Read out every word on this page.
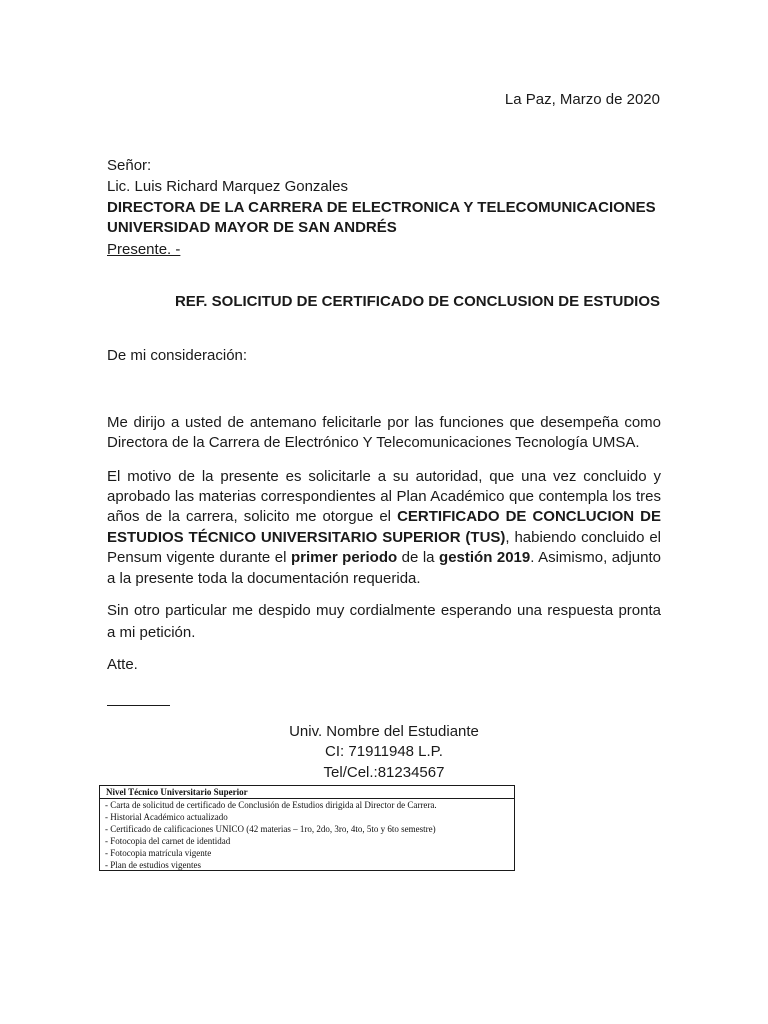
La Paz, Marzo de 2020
Señor:
Lic. Luis Richard Marquez Gonzales
DIRECTORA DE LA CARRERA DE ELECTRONICA Y TELECOMUNICACIONES
UNIVERSIDAD MAYOR DE SAN ANDRÉS
Presente. -
REF. SOLICITUD DE CERTIFICADO DE CONCLUSION DE ESTUDIOS
De mi consideración:
Me dirijo a usted de antemano felicitarle por las funciones que desempeña como
Directora de la Carrera de Electrónico Y Telecomunicaciones Tecnología UMSA.
El motivo de la presente es solicitarle a su autoridad, que una vez concluido y
aprobado las materias correspondientes al Plan Académico que contempla los tres
años de la carrera, solicito me otorgue el CERTIFICADO DE CONCLUCION DE
ESTUDIOS TÉCNICO UNIVERSITARIO SUPERIOR (TUS), habiendo concluido el
Pensum vigente durante el primer periodo de la gestión 2019. Asimismo, adjunto
a la presente toda la documentación requerida.
Sin otro particular me despido muy cordialmente esperando una respuesta pronta
a mi petición.
Atte.
Univ. Nombre del Estudiante
CI: 71911948 L.P.
Tel/Cel.:81234567
Nivel Técnico Universitario Superior
- Carta de solicitud de certificado de Conclusión de Estudios dirigida al Director de Carrera.
- Historial Académico actualizado
- Certificado de calificaciones UNICO (42 materias – 1ro, 2do, 3ro, 4to, 5to y 6to semestre)
- Fotocopia del carnet de identidad
- Fotocopia matrícula vigente
- Plan de estudios vigentes
